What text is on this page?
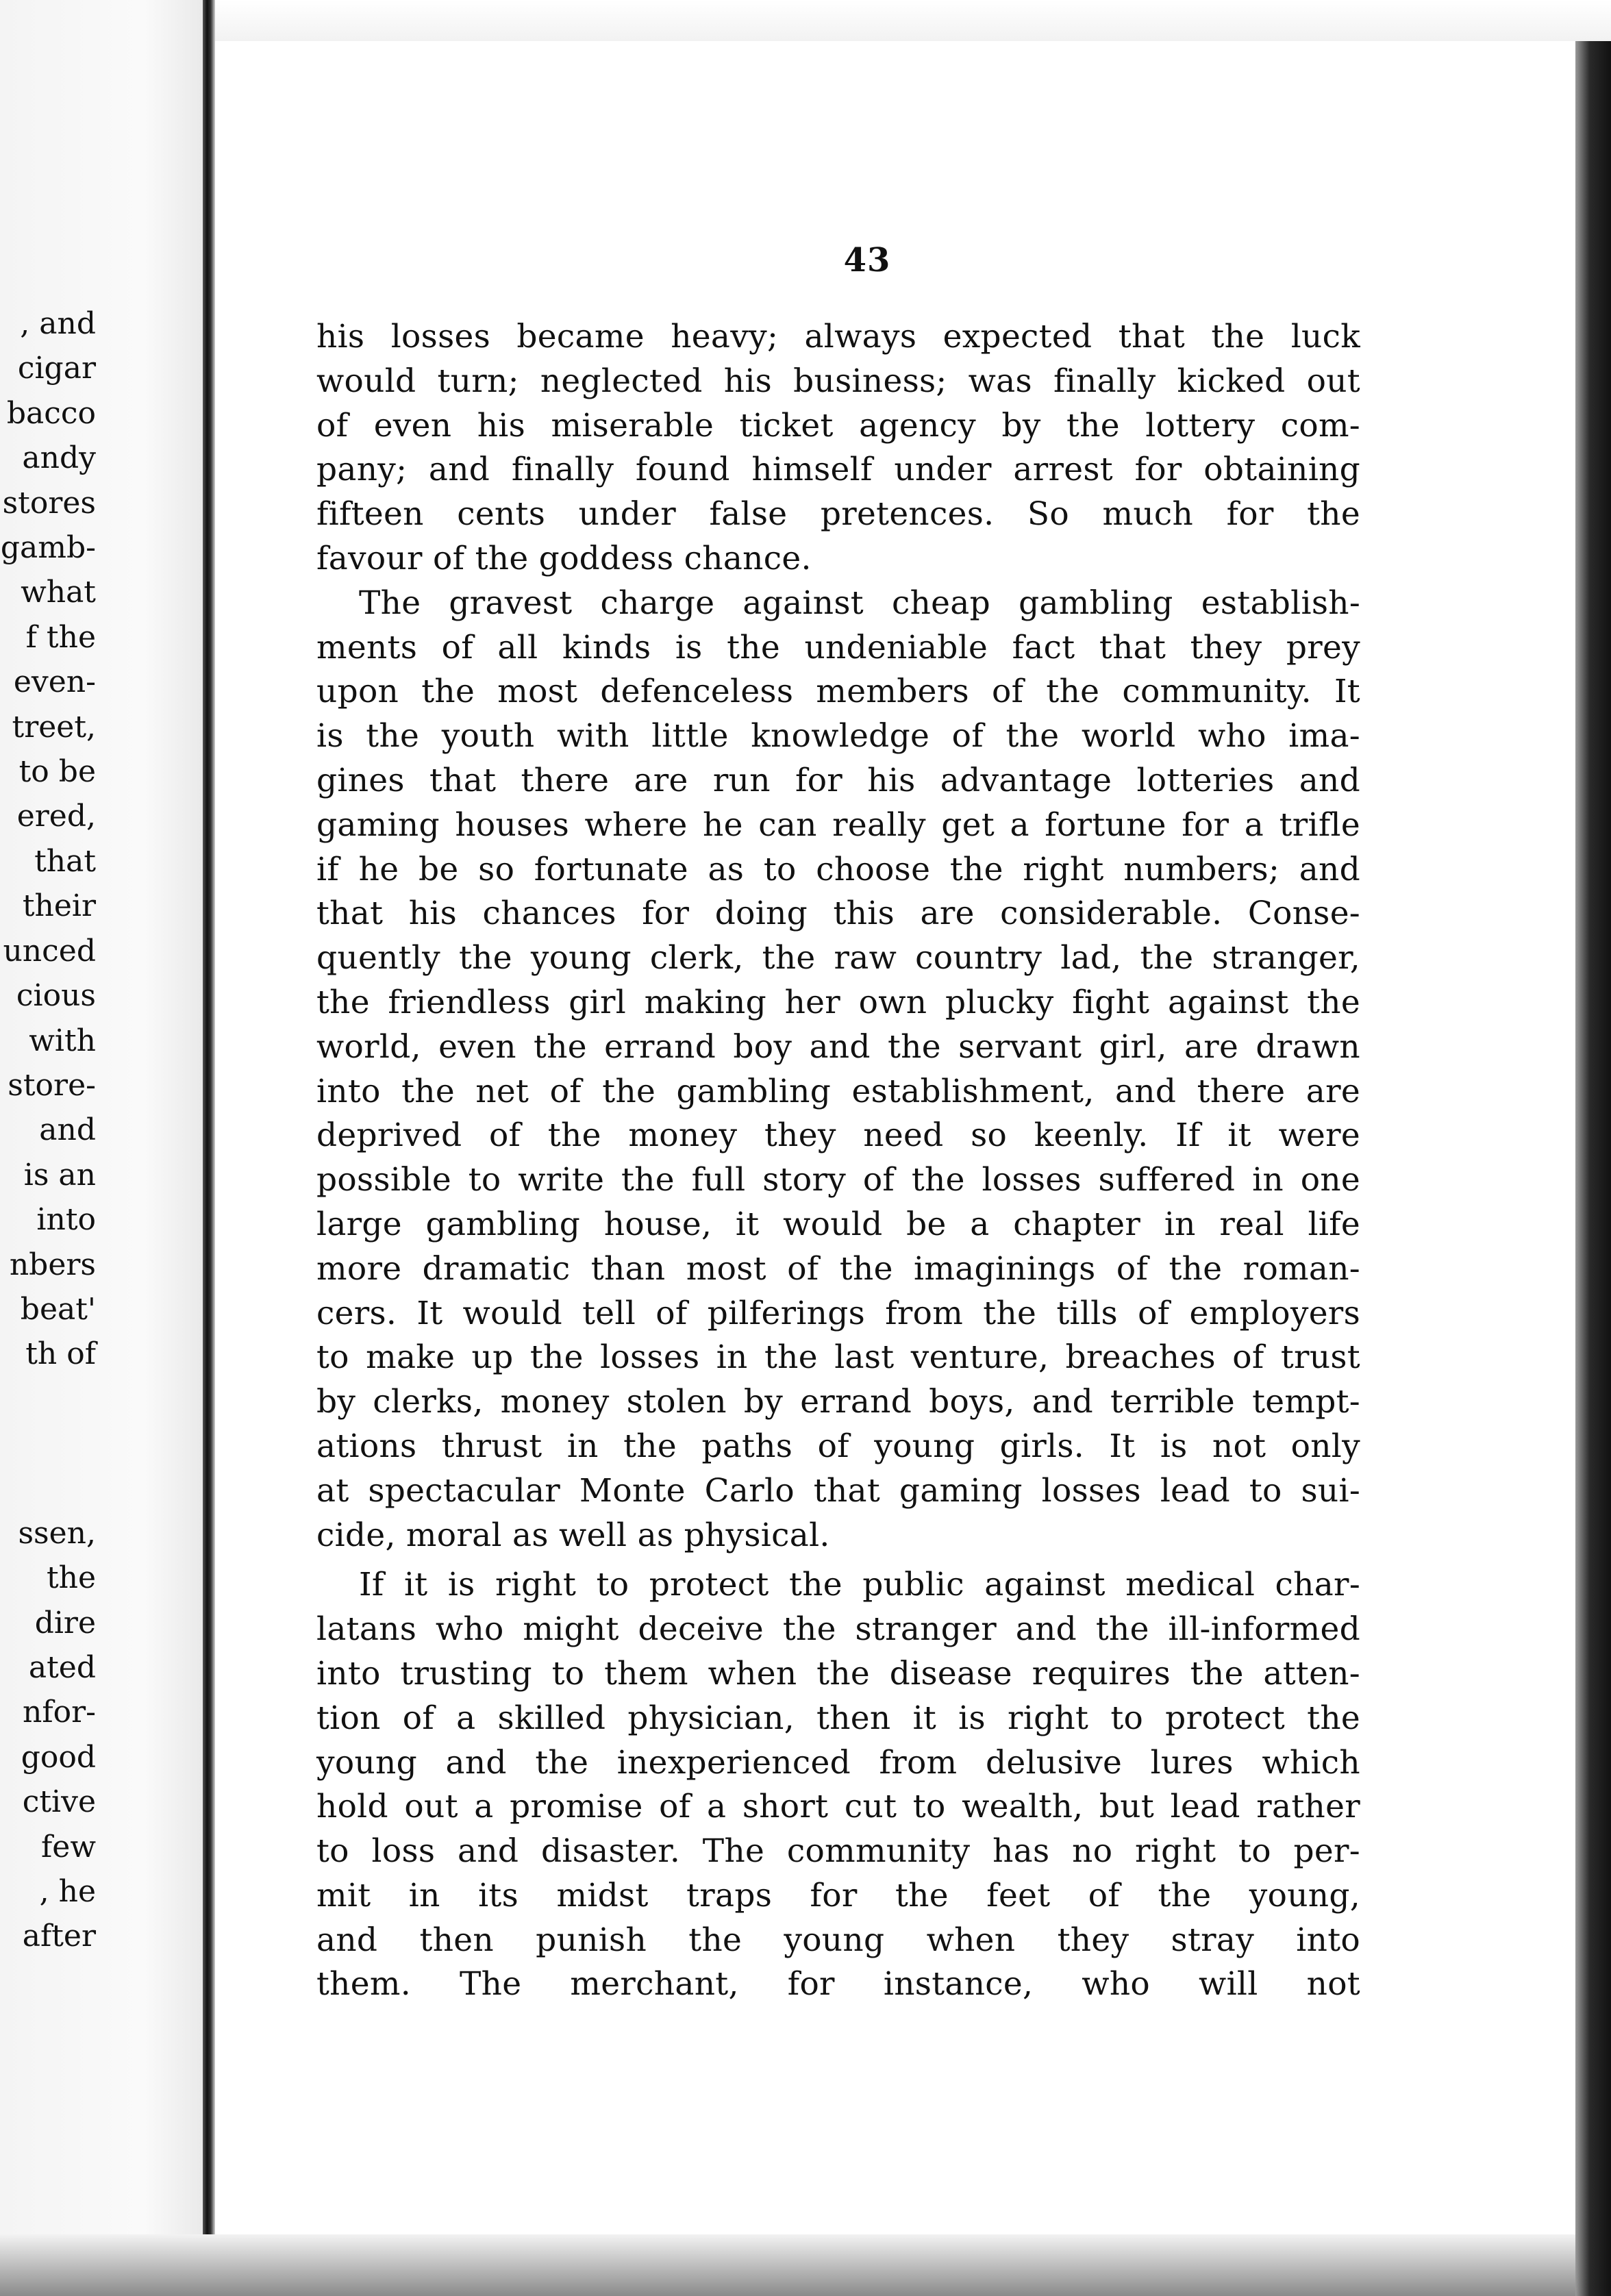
, and
cigar
bacco
andy
stores
gamb-
what
f the
even-
treet,
to be
ered,
that
their
unced
cious
with
store-
and
is an
into
nbers
beat'
th of
ssen,
the
dire
ated
nfor-
good
ctive
few
, he
after
43

his losses became heavy; always expected that the luck

would turn; neglected his business; was finally kicked out

of even his miserable ticket agency by the lottery com-

pany; and finally found himself under arrest for obtaining

fifteen cents under false pretences. So much for the

favour of the goddess chance.

The gravest charge against cheap gambling establish-

ments of all kinds is the undeniable fact that they prey

upon the most defenceless members of the community. It

is the youth with little knowledge of the world who ima-

gines that there are run for his advantage lotteries and

gaming houses where he can really get a fortune for a trifle

if he be so fortunate as to choose the right numbers; and

that his chances for doing this are considerable. Conse-

quently the young clerk, the raw country lad, the stranger,

the friendless girl making her own plucky fight against the

world, even the errand boy and the servant girl, are drawn

into the net of the gambling establishment, and there are

deprived of the money they need so keenly. If it were

possible to write the full story of the losses suffered in one

large gambling house, it would be a chapter in real life

more dramatic than most of the imaginings of the roman-

cers. It would tell of pilferings from the tills of employers

to make up the losses in the last venture, breaches of trust

by clerks, money stolen by errand boys, and terrible tempt-

ations thrust in the paths of young girls. It is not only

at spectacular Monte Carlo that gaming losses lead to sui-

cide, moral as well as physical.

If it is right to protect the public against medical char-

latans who might deceive the stranger and the ill-informed

into trusting to them when the disease requires the atten-

tion of a skilled physician, then it is right to protect the

young and the inexperienced from delusive lures which

hold out a promise of a short cut to wealth, but lead rather

to loss and disaster. The community has no right to per-

mit in its midst traps for the feet of the young,

and then punish the young when they stray into

them. The merchant, for instance, who will not
